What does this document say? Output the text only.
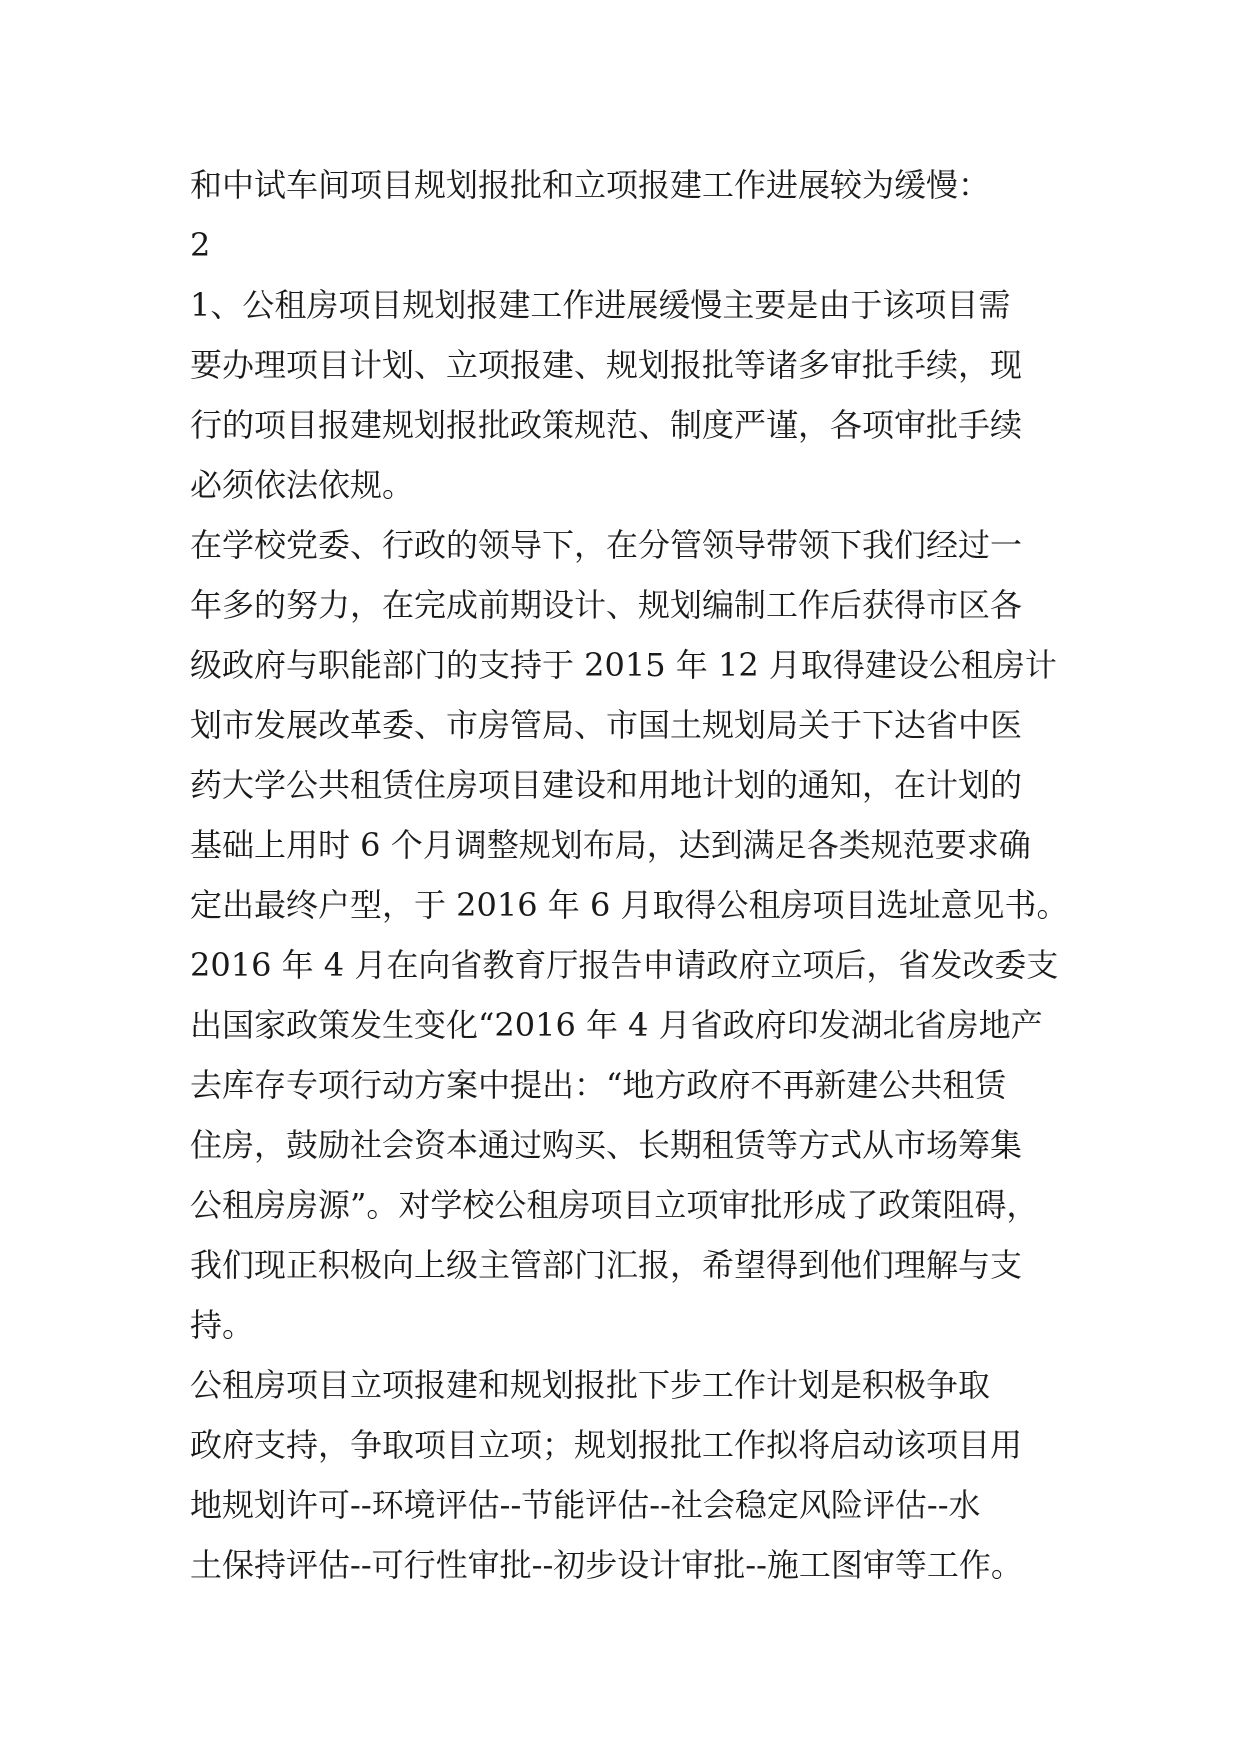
和中试车间项目规划报批和立项报建工作进展较为缓慢：
2
1、公租房项目规划报建工作进展缓慢主要是由于该项目需
要办理项目计划、立项报建、规划报批等诸多审批手续，现
行的项目报建规划报批政策规范、制度严谨，各项审批手续
必须依法依规。
在学校党委、行政的领导下，在分管领导带领下我们经过一
年多的努力，在完成前期设计、规划编制工作后获得市区各
级政府与职能部门的支持于 2015 年 12 月取得建设公租房计
划市发展改革委、市房管局、市国土规划局关于下达省中医
药大学公共租赁住房项目建设和用地计划的通知，在计划的
基础上用时 6 个月调整规划布局，达到满足各类规范要求确
定出最终户型，于 2016 年 6 月取得公租房项目选址意见书。
2016 年 4 月在向省教育厅报告申请政府立项后，省发改委支
出国家政策发生变化“2016 年 4 月省政府印发湖北省房地产
去库存专项行动方案中提出：“地方政府不再新建公共租赁
住房，鼓励社会资本通过购买、长期租赁等方式从市场筹集
公租房房源”。对学校公租房项目立项审批形成了政策阻碍，
我们现正积极向上级主管部门汇报，希望得到他们理解与支
持。
公租房项目立项报建和规划报批下步工作计划是积极争取
政府支持，争取项目立项；规划报批工作拟将启动该项目用
地规划许可--环境评估--节能评估--社会稳定风险评估--水
土保持评估--可行性审批--初步设计审批--施工图审等工作。
